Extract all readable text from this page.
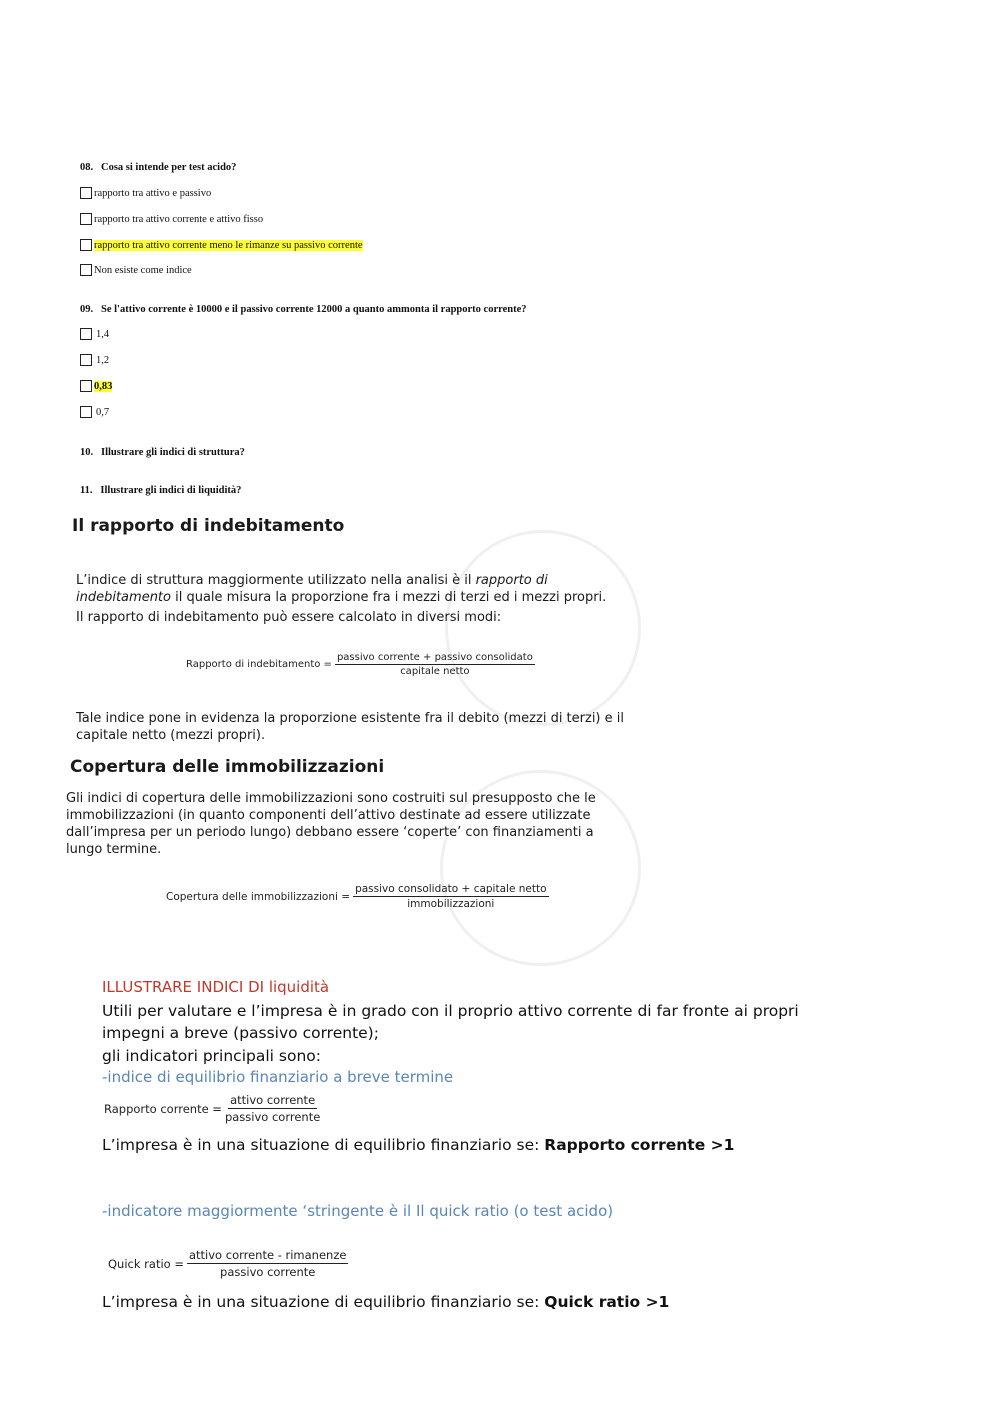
08. Cosa si intende per test acido?
rapporto tra attivo e passivo
rapporto tra attivo corrente e attivo fisso
rapporto tra attivo corrente meno le rimanze su passivo corrente
Non esiste come indice
09. Se l'attivo corrente è 10000 e il passivo corrente 12000 a quanto ammonta il rapporto corrente?
1,4
1,2
0,83
0,7
10. Illustrare gli indici di struttura?
11. Illustrare gli indici di liquidità?
Il rapporto di indebitamento
L’indice di struttura maggiormente utilizzato nella analisi è il rapporto di indebitamento il quale misura la proporzione fra i mezzi di terzi ed i mezzi propri.
Il rapporto di indebitamento può essere calcolato in diversi modi:
Rapporto di indebitamento = $\frac{\text{passivo corrente + passivo consolidato}}{\text{capitale netto}}$
Tale indice pone in evidenza la proporzione esistente fra il debito (mezzi di terzi) e il capitale netto (mezzi propri).
Copertura delle immobilizzazioni
Gli indici di copertura delle immobilizzazioni sono costruiti sul presupposto che le immobilizzazioni (in quanto componenti dell’attivo destinate ad essere utilizzate dall’impresa per un periodo lungo) debbano essere ‘coperte’ con finanziamenti a lungo termine.
Copertura delle immobilizzazioni = $\frac{\text{passivo consolidato + capitale netto}}{\text{immobilizzazioni}}$
ILLUSTRARE INDICI DI liquidità
Utili per valutare e l’impresa è in grado con il proprio attivo corrente di far fronte ai propri impegni a breve (passivo corrente);
gli indicatori principali sono:
-indice di equilibrio finanziario a breve termine
Rapporto corrente = $\frac{\text{attivo corrente}}{\text{passivo corrente}}$
L’impresa è in una situazione di equilibrio finanziario se: Rapporto corrente >1
-indicatore maggiormente ‘stringente è il Il quick ratio (o test acido)
Quick ratio = $\frac{\text{attivo corrente - rimanenze}}{\text{passivo corrente}}$
L’impresa è in una situazione di equilibrio finanziario se: Quick ratio >1
